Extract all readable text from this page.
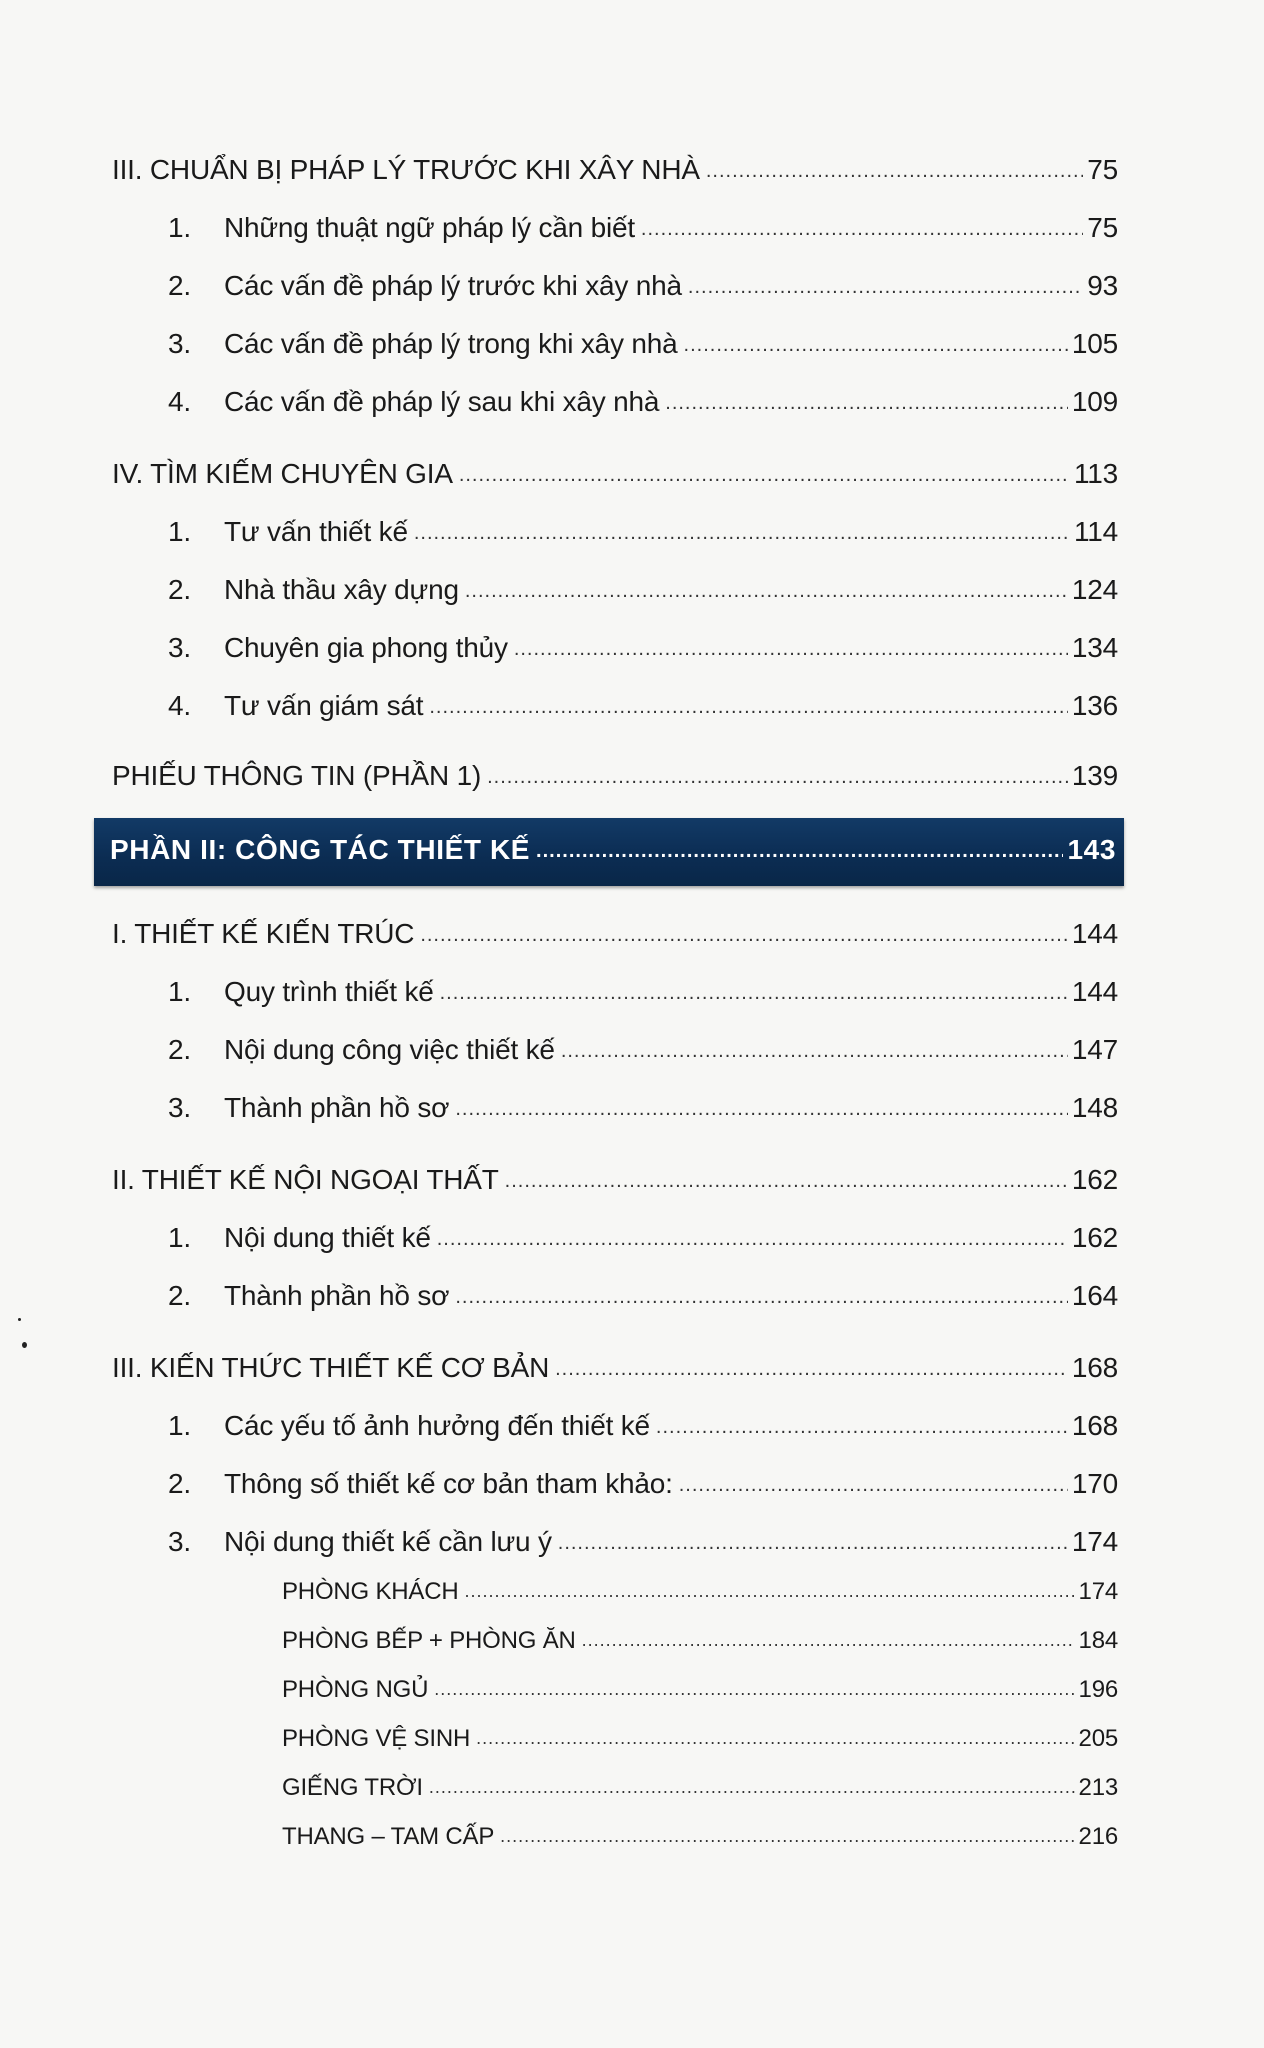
III. CHUẨN BỊ PHÁP LÝ TRƯỚC KHI XÂY NHÀ .....	75
1.	Những thuật ngữ pháp lý cần biết .....	75
2.	Các vấn đề pháp lý trước khi xây nhà .....	93
3.	Các vấn đề pháp lý trong khi xây nhà .....	105
4.	Các vấn đề pháp lý sau khi xây nhà .....	109
IV. TÌM KIẾM CHUYÊN GIA .....	113
1.	Tư vấn thiết kế .....	114
2.	Nhà thầu xây dựng .....	124
3.	Chuyên gia phong thủy .....	134
4.	Tư vấn giám sát .....	136
PHIẾU THÔNG TIN (PHẦN 1) .....	139
PHẦN II: CÔNG TÁC THIẾT KẾ .....	143
I. THIẾT KẾ KIẾN TRÚC .....	144
1.	Quy trình thiết kế .....	144
2.	Nội dung công việc thiết kế .....	147
3.	Thành phần hồ sơ .....	148
II. THIẾT KẾ NỘI NGOẠI THẤT .....	162
1.	Nội dung thiết kế .....	162
2.	Thành phần hồ sơ .....	164
III. KIẾN THỨC THIẾT KẾ CƠ BẢN .....	168
1.	Các yếu tố ảnh hưởng đến thiết kế .....	168
2.	Thông số thiết kế cơ bản tham khảo: .....	170
3.	Nội dung thiết kế cần lưu ý .....	174
PHÒNG KHÁCH .....	174
PHÒNG BẾP + PHÒNG ĂN .....	184
PHÒNG NGỦ .....	196
PHÒNG VỆ SINH .....	205
GIẾNG TRỜI .....	213
THANG – TAM CẤP .....	216
